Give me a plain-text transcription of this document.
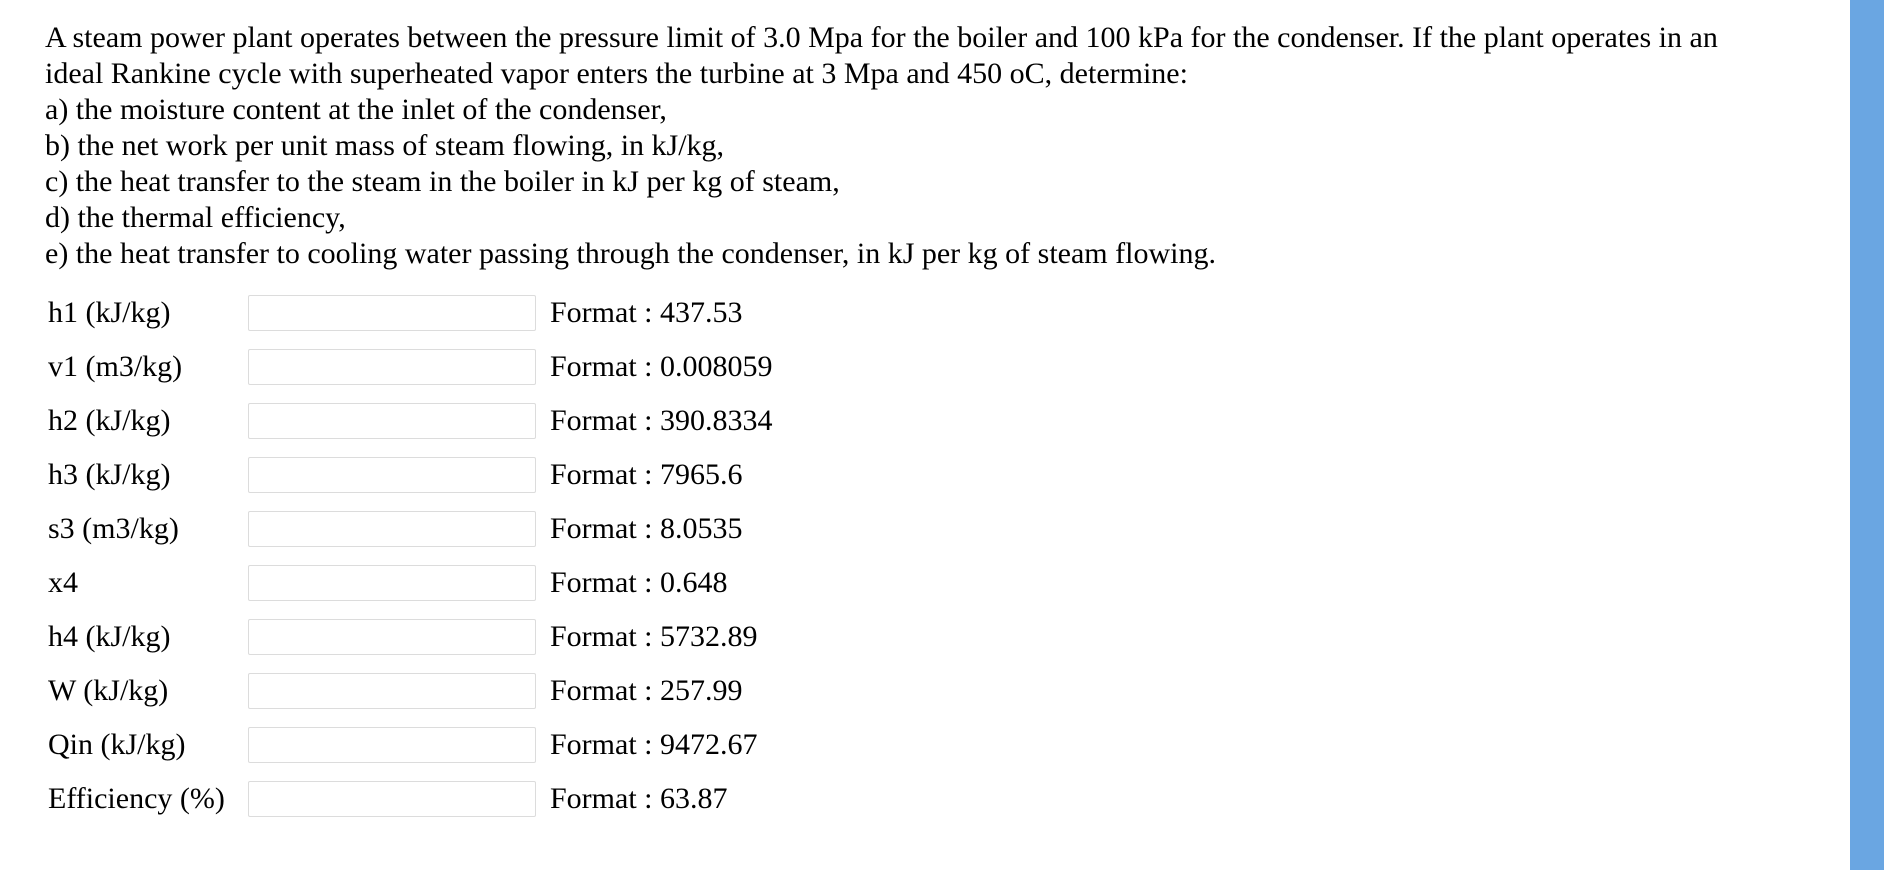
A steam power plant operates between the pressure limit of 3.0 Mpa for the boiler and 100 kPa for the condenser. If the plant operates in an

ideal Rankine cycle with superheated vapor enters the turbine at 3 Mpa and 450 oC, determine:

a) the moisture content at the inlet of the condenser,

b) the net work per unit mass of steam flowing, in kJ/kg,

c) the heat transfer to the steam in the boiler in kJ per kg of steam,

d) the thermal efficiency,

e) the heat transfer to cooling water passing through the condenser, in kJ per kg of steam flowing.

h1 (kJ/kg)	Format : 437.53
v1 (m3/kg)	Format : 0.008059
h2 (kJ/kg)	Format : 390.8334
h3 (kJ/kg)	Format : 7965.6
s3 (m3/kg)	Format : 8.0535
x4	Format : 0.648
h4 (kJ/kg)	Format : 5732.89
W (kJ/kg)	Format : 257.99
Qin (kJ/kg)	Format : 9472.67
Efficiency (%)	Format : 63.87
